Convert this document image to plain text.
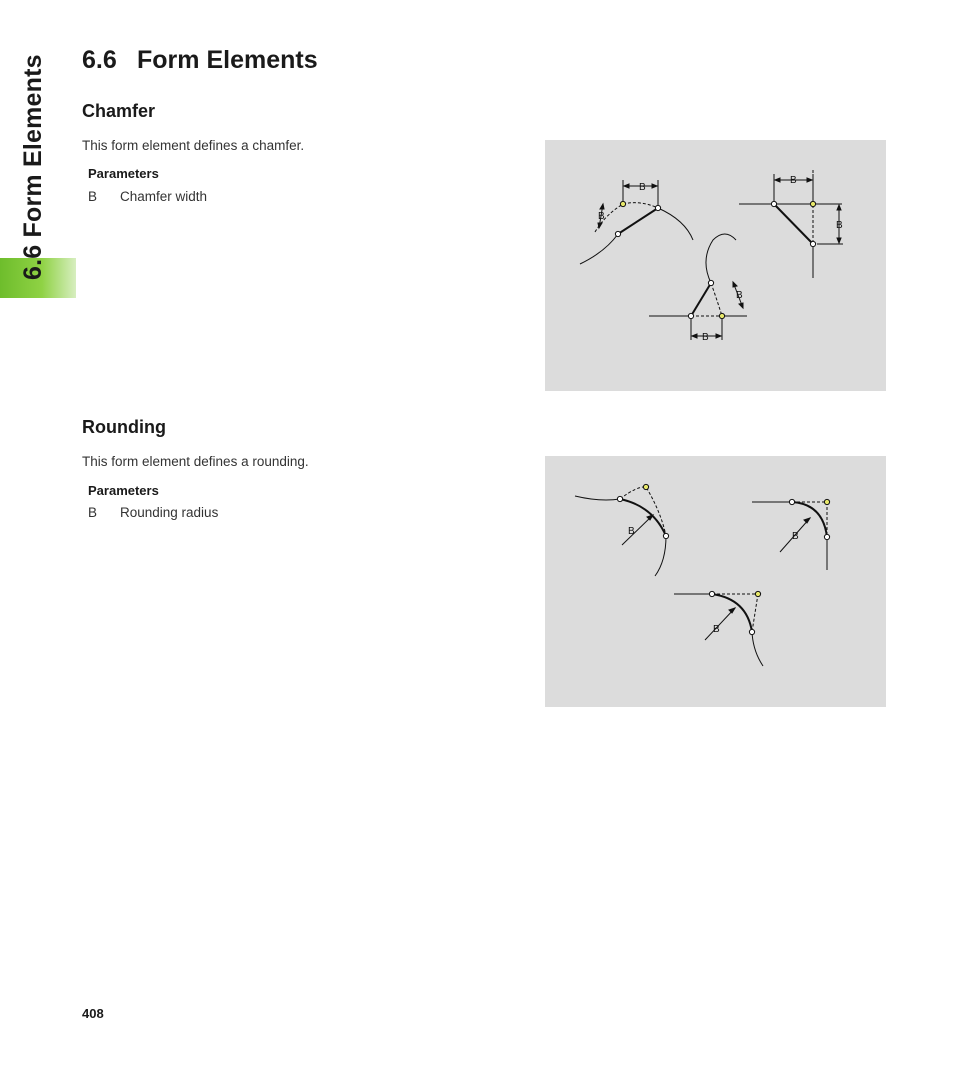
6.6 Form Elements 6.6 Form Elements
Chamfer

This form element defines a chamfer.

Parameters
B Chamfer width
B
B
B
B
B
B
Rounding

This form element defines a rounding.

Parameters
B Rounding radius
B	B
B
408
